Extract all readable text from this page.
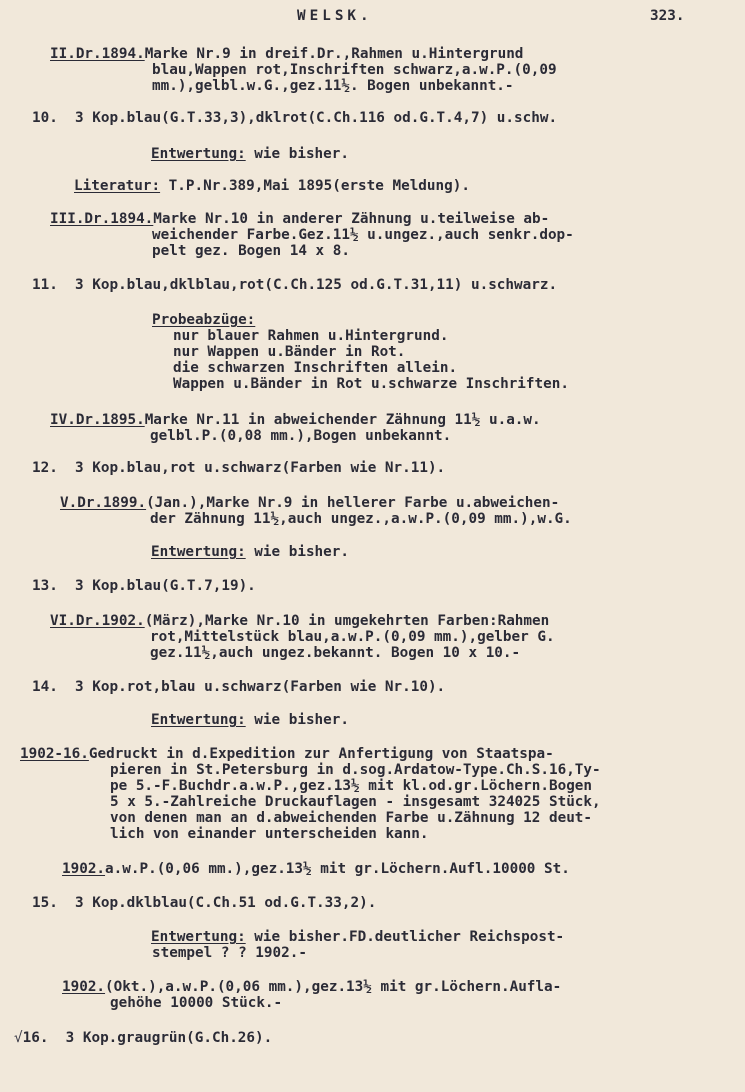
WELSK.	323.
II.Dr.1894.Marke Nr.9 in dreif.Dr.,Rahmen u.Hintergrund
blau,Wappen rot,Inschriften schwarz,a.w.P.(0,09
mm.),gelbl.w.G.,gez.11½. Bogen unbekannt.-
10.  3 Kop.blau(G.T.33,3),dklrot(C.Ch.116 od.G.T.4,7) u.schw.
Entwertung: wie bisher.
Literatur: T.P.Nr.389,Mai 1895(erste Meldung).
III.Dr.1894.Marke Nr.10 in anderer Zähnung u.teilweise ab-
weichender Farbe.Gez.11½ u.ungez.,auch senkr.dop-
pelt gez. Bogen 14 x 8.
11.  3 Kop.blau,dklblau,rot(C.Ch.125 od.G.T.31,11) u.schwarz.
Probeabzüge:
nur blauer Rahmen u.Hintergrund.
nur Wappen u.Bänder in Rot.
die schwarzen Inschriften allein.
Wappen u.Bänder in Rot u.schwarze Inschriften.
IV.Dr.1895.Marke Nr.11 in abweichender Zähnung 11½ u.a.w.
gelbl.P.(0,08 mm.),Bogen unbekannt.
12.  3 Kop.blau,rot u.schwarz(Farben wie Nr.11).
V.Dr.1899.(Jan.),Marke Nr.9 in hellerer Farbe u.abweichen-
der Zähnung 11½,auch ungez.,a.w.P.(0,09 mm.),w.G.
Entwertung: wie bisher.
13.  3 Kop.blau(G.T.7,19).
VI.Dr.1902.(März),Marke Nr.10 in umgekehrten Farben:Rahmen
rot,Mittelstück blau,a.w.P.(0,09 mm.),gelber G.
gez.11½,auch ungez.bekannt. Bogen 10 x 10.-
14.  3 Kop.rot,blau u.schwarz(Farben wie Nr.10).
Entwertung: wie bisher.
1902-16.Gedruckt in d.Expedition zur Anfertigung von Staatspa-
pieren in St.Petersburg in d.sog.Ardatow-Type.Ch.S.16,Ty-
pe 5.-F.Buchdr.a.w.P.,gez.13½ mit kl.od.gr.Löchern.Bogen
5 x 5.-Zahlreiche Druckauflagen - insgesamt 324025 Stück,
von denen man an d.abweichenden Farbe u.Zähnung 12 deut-
lich von einander unterscheiden kann.
1902.a.w.P.(0,06 mm.),gez.13½ mit gr.Löchern.Aufl.10000 St.
15.  3 Kop.dklblau(C.Ch.51 od.G.T.33,2).
Entwertung: wie bisher.FD.deutlicher Reichspost-
stempel ? ? 1902.-
1902.(Okt.),a.w.P.(0,06 mm.),gez.13½ mit gr.Löchern.Aufla-
gehöhe 10000 Stück.-
√16.  3 Kop.graugrün(G.Ch.26).
